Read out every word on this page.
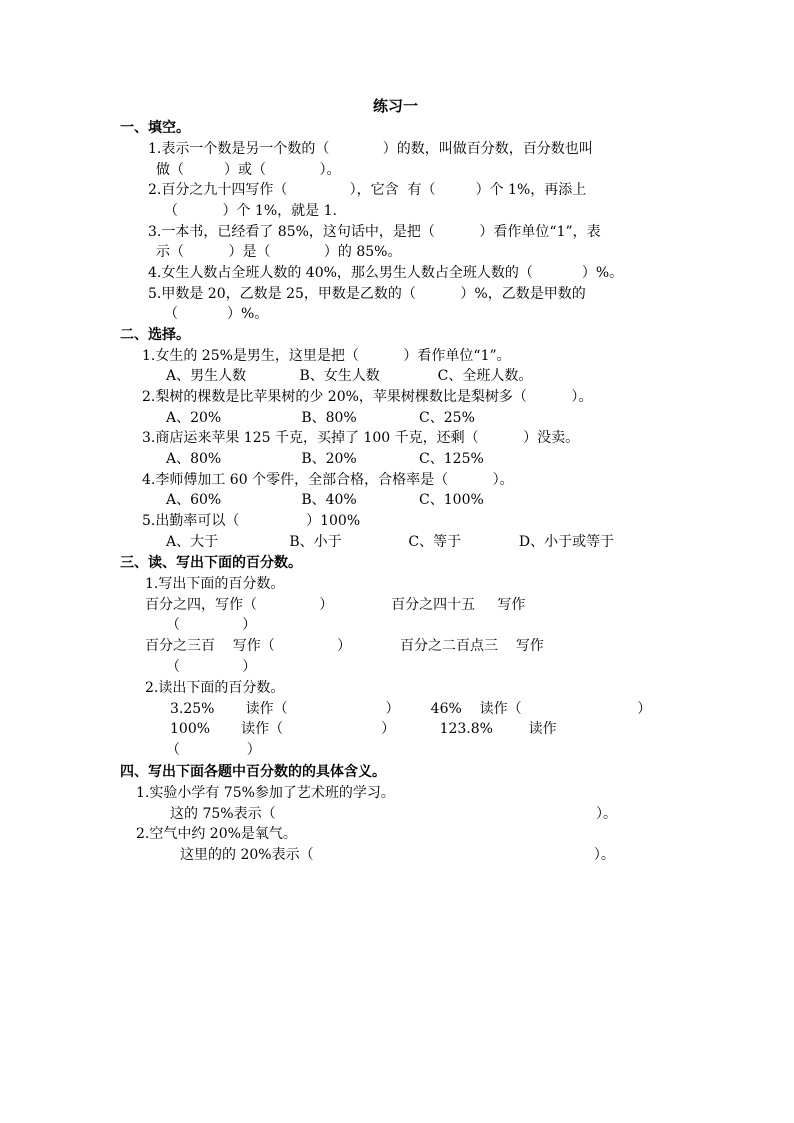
练习一
一、填空。
1.表示一个数是另一个数的（            ）的数，叫做百分数，百分数也叫
做（         ）或（            ）。
2.百分之九十四写作（              ），它含  有（         ）个 1%，再添上
（          ）个 1%，就是 1.
3.一本书，已经看了 85%，这句话中，是把（          ）看作单位“1”，表
示（          ）是（            ）的 85%。
4.女生人数占全班人数的 40%，那么男生人数占全班人数的（           ）%。
5.甲数是 20，乙数是 25，甲数是乙数的（          ）%，乙数是甲数的
（           ）%。
二、选择。
1.女生的 25%是男生，这里是把（          ）看作单位“1”。
A、男生人数            B、女生人数             C、全班人数。
2.梨树的棵数是比苹果树的少 20%，苹果树棵数比是梨树多（          ）。
A、20%                  B、80%              C、25%
3.商店运来苹果 125 千克，买掉了 100 千克，还剩（          ）没卖。
A、80%                  B、20%              C、125%
4.李师傅加工 60 个零件，全部合格，合格率是（          ）。
A、60%                  B、40%              C、100%
5.出勤率可以（               ）100%
A、大于                B、小于               C、等于             D、小于或等于
三、读、写出下面的百分数。
1.写出下面的百分数。
百分之四，写作（              ）             百分之四十五     写作
（              ）
百分之三百    写作（              ）           百分之二百点三    写作
（              ）
2.读出下面的百分数。
3.25%       读作（                      ）       46%    读作（                          ）
100%       读作（                      ）          123.8%        读作
（               ）
四、写出下面各题中百分数的的具体含义。
1.实验小学有 75%参加了艺术班的学习。
这的 75%表示（                                                                        ）。
2.空气中约 20%是氧气。
这里的的 20%表示（                                                               ）。
